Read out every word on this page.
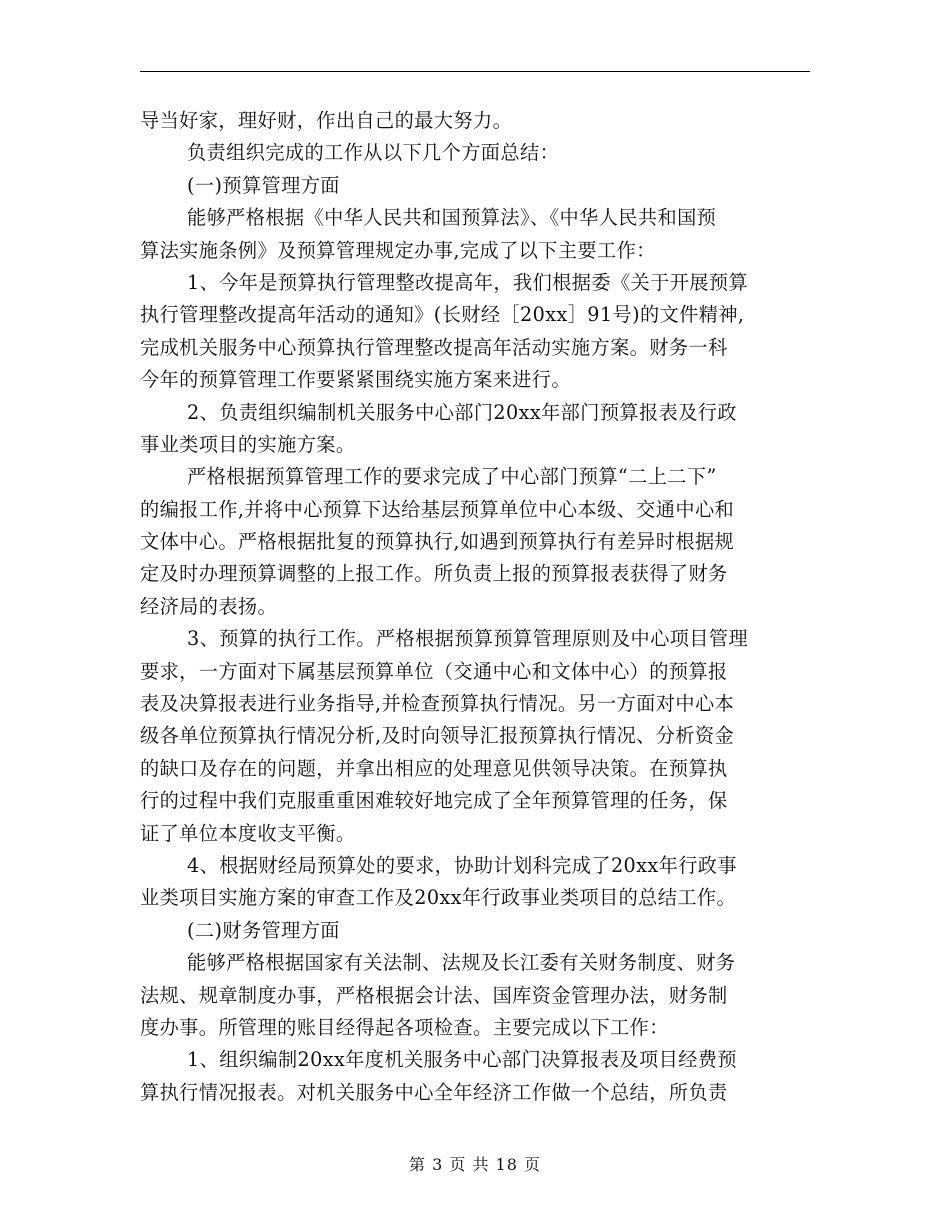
导当好家，理好财，作出自己的最大努力。
负责组织完成的工作从以下几个方面总结：
(一)预算管理方面
能够严格根据《中华人民共和国预算法》、《中华人民共和国预
算法实施条例》及预算管理规定办事,完成了以下主要工作：
1、今年是预算执行管理整改提高年，我们根据委《关于开展预算
执行管理整改提高年活动的通知》(长财经［20xx］91号)的文件精神,
完成机关服务中心预算执行管理整改提高年活动实施方案。财务一科
今年的预算管理工作要紧紧围绕实施方案来进行。
2、负责组织编制机关服务中心部门20xx年部门预算报表及行政
事业类项目的实施方案。
严格根据预算管理工作的要求完成了中心部门预算“二上二下”
的编报工作,并将中心预算下达给基层预算单位中心本级、交通中心和
文体中心。严格根据批复的预算执行,如遇到预算执行有差异时根据规
定及时办理预算调整的上报工作。所负责上报的预算报表获得了财务
经济局的表扬。
3、预算的执行工作。严格根据预算预算管理原则及中心项目管理
要求，一方面对下属基层预算单位（交通中心和文体中心）的预算报
表及决算报表进行业务指导,并检查预算执行情况。另一方面对中心本
级各单位预算执行情况分析,及时向领导汇报预算执行情况、分析资金
的缺口及存在的问题，并拿出相应的处理意见供领导决策。在预算执
行的过程中我们克服重重困难较好地完成了全年预算管理的任务，保
证了单位本度收支平衡。
4、根据财经局预算处的要求，协助计划科完成了20xx年行政事
业类项目实施方案的审查工作及20xx年行政事业类项目的总结工作。
(二)财务管理方面
能够严格根据国家有关法制、法规及长江委有关财务制度、财务
法规、规章制度办事，严格根据会计法、国库资金管理办法，财务制
度办事。所管理的账目经得起各项检查。主要完成以下工作：
1、组织编制20xx年度机关服务中心部门决算报表及项目经费预
算执行情况报表。对机关服务中心全年经济工作做一个总结，所负责
第 3 页 共 18 页
